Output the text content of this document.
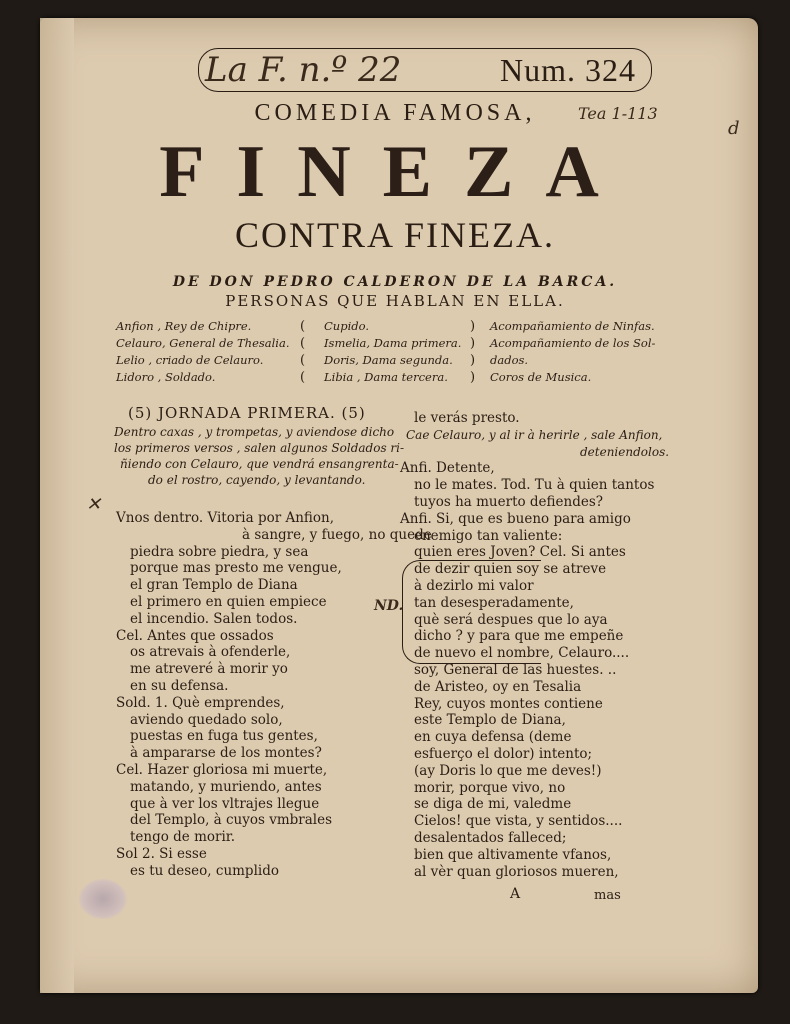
La F. n.º 22	Num. 324
Tea 1-113
d
COMEDIA FAMOSA,
FINEZA
CONTRA FINEZA.
DE DON PEDRO CALDERON DE LA BARCA.
PERSONAS QUE HABLAN EN ELLA.
Anfion , Rey de Chipre.
Celauro, General de Thesalia.
Lelio , criado de Celauro.
Lidoro , Soldado.
(
(
(
(
Cupido.
Ismelia, Dama primera.
Doris, Dama segunda.
Libia , Dama tercera.
)
)
)
)
Acompañamiento de Ninfas.
Acompañamiento de los Sol-
dados.
Coros de Musica.
(5) JORNADA PRIMERA. (5)
Dentro caxas , y trompetas, y aviendose dicho
los primeros versos , salen algunos Soldados ri-
ñiendo con Celauro, que vendrá ensangrenta-
do el rostro, cayendo, y levantando.
✕
Vnos dentro. Vitoria por Anfion,
à sangre, y fuego, no quede
piedra sobre piedra, y sea
porque mas presto me vengue,
el gran Templo de Diana
el primero en quien empiece
el incendio. Salen todos.
Cel. Antes que ossados
os atrevais à ofenderle,
me atreveré à morir yo
en su defensa.
Sold. 1. Què emprendes,
aviendo quedado solo,
puestas en fuga tus gentes,
à ampararse de los montes?
Cel. Hazer gloriosa mi muerte,
matando, y muriendo, antes
que à ver los vltrajes llegue
del Templo, à cuyos vmbrales
tengo de morir.
Sol 2. Si esse
es tu deseo, cumplido
le verás presto.
Cae Celauro, y al ir à herirle , sale Anfion,
deteniendolos.
Anfi. Detente,
no le mates. Tod. Tu à quien tantos
tuyos ha muerto defiendes?
Anfi. Si, que es bueno para amigo
enemigo tan valiente:
quien eres Joven? Cel. Si antes
de dezir quien soy se atreve
à dezirlo mi valor
tan desesperadamente,
què será despues que lo aya
dicho ? y para que me empeñe
de nuevo el nombre, Celauro....
soy, General de las huestes. ..
de Aristeo, oy en Tesalia
Rey, cuyos montes contiene
este Templo de Diana,
en cuya defensa (deme
esfuerço el dolor) intento;
(ay Doris lo que me deves!)
morir, porque vivo, no
se diga de mi, valedme
Cielos! que vista, y sentidos....
desalentados falleced;
bien que altivamente vfanos,
al vèr quan gloriosos mueren,
ND.
A	mas
